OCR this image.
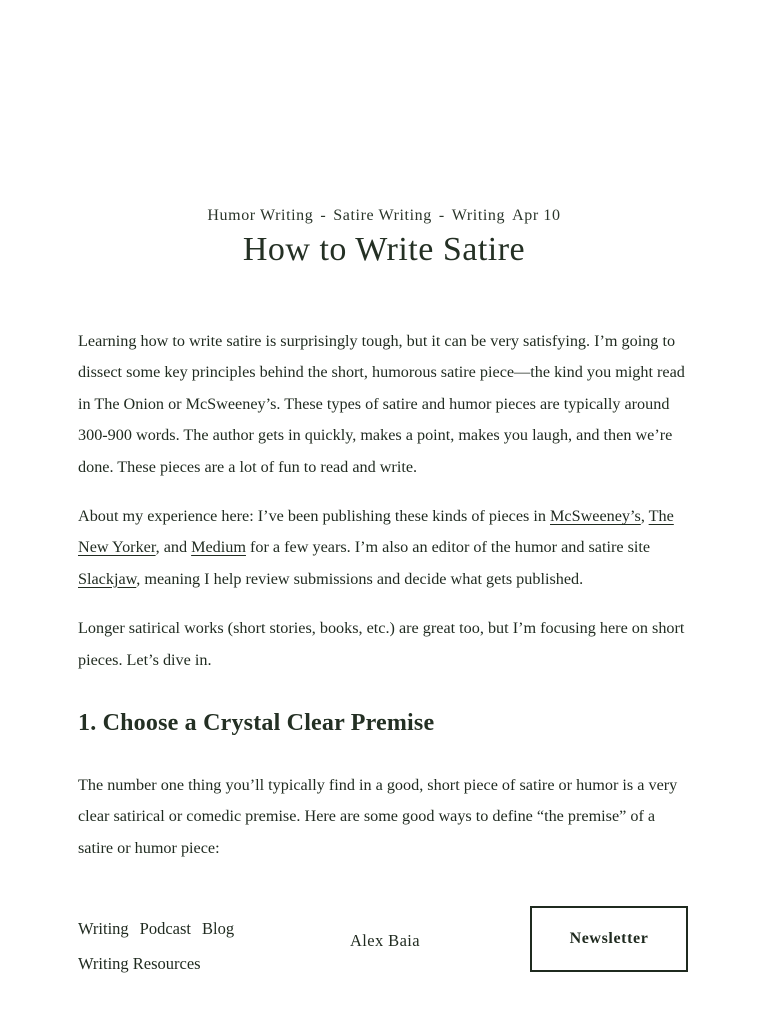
Humor Writing - Satire Writing - Writing Apr 10
How to Write Satire

Learning how to write satire is surprisingly tough, but it can be very satisfying. I’m going to dissect some key principles behind the short, humorous satire piece—the kind you might read in The Onion or McSweeney’s. These types of satire and humor pieces are typically around 300-900 words. The author gets in quickly, makes a point, makes you laugh, and then we’re done. These pieces are a lot of fun to read and write.

About my experience here: I’ve been publishing these kinds of pieces in McSweeney’s, The New Yorker, and Medium for a few years. I’m also an editor of the humor and satire site Slackjaw, meaning I help review submissions and decide what gets published.

Longer satirical works (short stories, books, etc.) are great too, but I’m focusing here on short pieces. Let’s dive in.

1. Choose a Crystal Clear Premise

The number one thing you’ll typically find in a good, short piece of satire or humor is a very clear satirical or comedic premise. Here are some good ways to define “the premise” of a satire or humor piece:

Writing Podcast Blog
Writing Resources
Alex Baia	Newsletter
